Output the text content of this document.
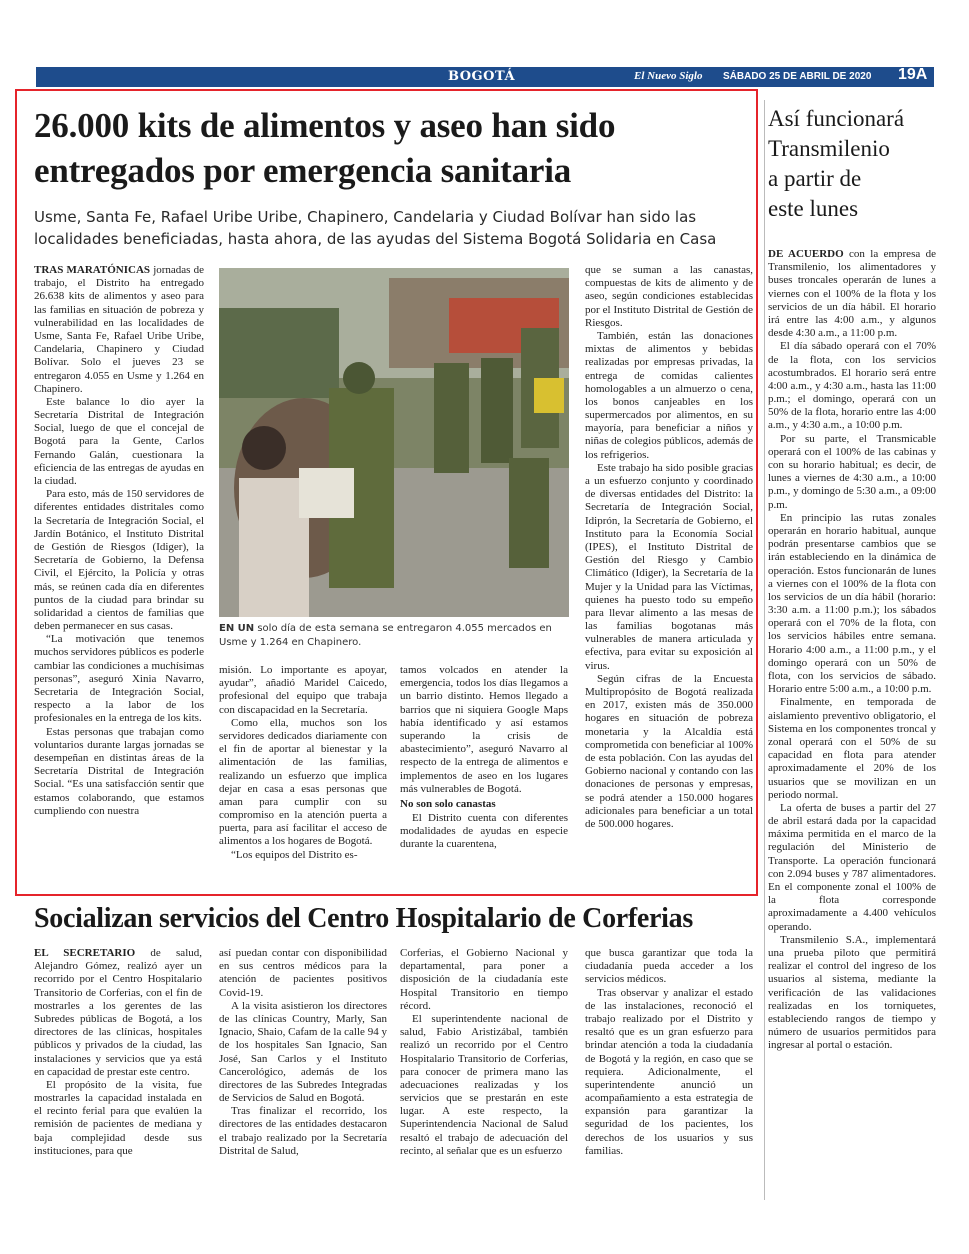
BOGOTÁ	El Nuevo Siglo SÁBADO 25 DE ABRIL DE 2020 19A
26.000 kits de alimentos y aseo han sido
entregados por emergencia sanitaria
Usme, Santa Fe, Rafael Uribe Uribe, Chapinero, Candelaria y Ciudad Bolívar han sido las
localidades beneficiadas, hasta ahora, de las ayudas del Sistema Bogotá Solidaria en Casa

TRAS MARATÓNICAS jornadas de trabajo, el Distrito ha entregado 26.638 kits de alimentos y aseo para las familias en situación de pobreza y vulnerabilidad en las localidades de Usme, Santa Fe, Rafael Uribe Uribe, Candelaria, Chapinero y Ciudad Bolívar. Solo el jueves 23 se entregaron 4.055 en Usme y 1.264 en Chapinero.

Este balance lo dio ayer la Secretaría Distrital de Integración Social, luego de que el concejal de Bogotá para la Gente, Carlos Fernando Galán, cuestionara la eficiencia de las entregas de ayudas en la ciudad.

Para esto, más de 150 servidores de diferentes entidades distritales como la Secretaría de Integración Social, el Jardín Botánico, el Instituto Distrital de Gestión de Riesgos (Idiger), la Secretaría de Gobierno, la Defensa Civil, el Ejército, la Policía y otras más, se reúnen cada día en diferentes puntos de la ciudad para brindar su solidaridad a cientos de familias que deben permanecer en sus casas.

“La motivación que tenemos muchos servidores públicos es poderle cambiar las condiciones a muchísimas personas”, aseguró Xinia Navarro, Secretaria de Integración Social, respecto a la labor de los profesionales en la entrega de los kits.

Estas personas que trabajan como voluntarios durante largas jornadas se desempeñan en distintas áreas de la Secretaría Distrital de Integración Social. “Es una satisfacción sentir que estamos colaborando, que estamos cumpliendo con nuestra

EN UN solo día de esta semana se entregaron 4.055 mercados en Usme y 1.264 en Chapinero.

misión. Lo importante es apoyar, ayudar”, añadió Maridel Caicedo, profesional del equipo que trabaja con discapacidad en la Secretaría.

Como ella, muchos son los servidores dedicados diariamente con el fin de aportar al bienestar y la alimentación de las familias, realizando un esfuerzo que implica dejar en casa a esas personas que aman para cumplir con su compromiso en la atención puerta a puerta, para así facilitar el acceso de alimentos a los hogares de Bogotá.

“Los equipos del Distrito es-

tamos volcados en atender la emergencia, todos los días llegamos a un barrio distinto. Hemos llegado a barrios que ni siquiera Google Maps había identificado y así estamos superando la crisis de abastecimiento”, aseguró Navarro al respecto de la entrega de alimentos e implementos de aseo en los lugares más vulnerables de Bogotá.

No son solo canastas

El Distrito cuenta con diferentes modalidades de ayudas en especie durante la cuarentena,

que se suman a las canastas, compuestas de kits de alimento y de aseo, según condiciones establecidas por el Instituto Distrital de Gestión de Riesgos.

También, están las donaciones mixtas de alimentos y bebidas realizadas por empresas privadas, la entrega de comidas calientes homologables a un almuerzo o cena, los bonos canjeables en los supermercados por alimentos, en su mayoría, para beneficiar a niños y niñas de colegios públicos, además de los refrigerios.

Este trabajo ha sido posible gracias a un esfuerzo conjunto y coordinado de diversas entidades del Distrito: la Secretaría de Integración Social, Idiprón, la Secretaría de Gobierno, el Instituto para la Economía Social (IPES), el Instituto Distrital de Gestión del Riesgo y Cambio Climático (Idiger), la Secretaría de la Mujer y la Unidad para las Víctimas, quienes ha puesto todo su empeño para llevar alimento a las mesas de las familias bogotanas más vulnerables de manera articulada y efectiva, para evitar su exposición al virus.

Según cifras de la Encuesta Multipropósito de Bogotá realizada en 2017, existen más de 350.000 hogares en situación de pobreza monetaria y la Alcaldía está comprometida con beneficiar al 100% de esta población. Con las ayudas del Gobierno nacional y contando con las donaciones de personas y empresas, se podrá atender a 150.000 hogares adicionales para beneficiar a un total de 500.000 hogares.

Así funcionará
Transmilenio
a partir de
este lunes

DE ACUERDO con la empresa de Transmilenio, los alimentadores y buses troncales operarán de lunes a viernes con el 100% de la flota y los servicios de un día hábil. El horario irá entre las 4:00 a.m., y algunos desde 4:30 a.m., a 11:00 p.m.

El día sábado operará con el 70% de la flota, con los servicios acostumbrados. El horario será entre 4:00 a.m., y 4:30 a.m., hasta las 11:00 p.m.; el domingo, operará con un 50% de la flota, horario entre las 4:00 a.m., y 4:30 a.m., a 10:00 p.m.

Por su parte, el Transmicable operará con el 100% de las cabinas y con su horario habitual; es decir, de lunes a viernes de 4:30 a.m., a 10:00 p.m., y domingo de 5:30 a.m., a 09:00 p.m.

En principio las rutas zonales operarán en horario habitual, aunque podrán presentarse cambios que se irán estableciendo en la dinámica de operación. Estos funcionarán de lunes a viernes con el 100% de la flota con los servicios de un día hábil (horario: 3:30 a.m. a 11:00 p.m.); los sábados operará con el 70% de la flota, con los servicios hábiles entre semana. Horario 4:00 a.m., a 11:00 p.m., y el domingo operará con un 50% de flota, con los servicios de sábado. Horario entre 5:00 a.m., a 10:00 p.m.

Finalmente, en temporada de aislamiento preventivo obligatorio, el Sistema en los componentes troncal y zonal operará con el 50% de su capacidad en flota para atender aproximadamente el 20% de los usuarios que se movilizan en un periodo normal.

La oferta de buses a partir del 27 de abril estará dada por la capacidad máxima permitida en el marco de la regulación del Ministerio de Transporte. La operación funcionará con 2.094 buses y 787 alimentadores. En el componente zonal el 100% de la flota corresponde aproximadamente a 4.400 vehículos operando.

Transmilenio S.A., implementará una prueba piloto que permitirá realizar el control del ingreso de los usuarios al sistema, mediante la verificación de las validaciones realizadas en los torniquetes, estableciendo rangos de tiempo y número de usuarios permitidos para ingresar al portal o estación.

Socializan servicios del Centro Hospitalario de Corferias

EL SECRETARIO de salud, Alejandro Gómez, realizó ayer un recorrido por el Centro Hospitalario Transitorio de Corferias, con el fin de mostrarles a los gerentes de las Subredes públicas de Bogotá, a los directores de las clínicas, hospitales públicos y privados de la ciudad, las instalaciones y servicios que ya está en capacidad de prestar este centro.

El propósito de la visita, fue mostrarles la capacidad instalada en el recinto ferial para que evalúen la remisión de pacientes de mediana y baja complejidad desde sus instituciones, para que

así puedan contar con disponibilidad en sus centros médicos para la atención de pacientes positivos Covid-19.

A la visita asistieron los directores de las clínicas Country, Marly, San Ignacio, Shaio, Cafam de la calle 94 y de los hospitales San Ignacio, San José, San Carlos y el Instituto Cancerológico, además de los directores de las Subredes Integradas de Servicios de Salud en Bogotá.

Tras finalizar el recorrido, los directores de las entidades destacaron el trabajo realizado por la Secretaría Distrital de Salud,

Corferias, el Gobierno Nacional y departamental, para poner a disposición de la ciudadanía este Hospital Transitorio en tiempo récord.

El superintendente nacional de salud, Fabio Aristizábal, también realizó un recorrido por el Centro Hospitalario Transitorio de Corferias, para conocer de primera mano las adecuaciones realizadas y los servicios que se prestarán en este lugar. A este respecto, la Superintendencia Nacional de Salud resaltó el trabajo de adecuación del recinto, al señalar que es un esfuerzo

que busca garantizar que toda la ciudadanía pueda acceder a los servicios médicos.

Tras observar y analizar el estado de las instalaciones, reconoció el trabajo realizado por el Distrito y resaltó que es un gran esfuerzo para brindar atención a toda la ciudadanía de Bogotá y la región, en caso que se requiera. Adicionalmente, el superintendente anunció un acompañamiento a esta estrategia de expansión para garantizar la seguridad de los pacientes, los derechos de los usuarios y sus familias.
